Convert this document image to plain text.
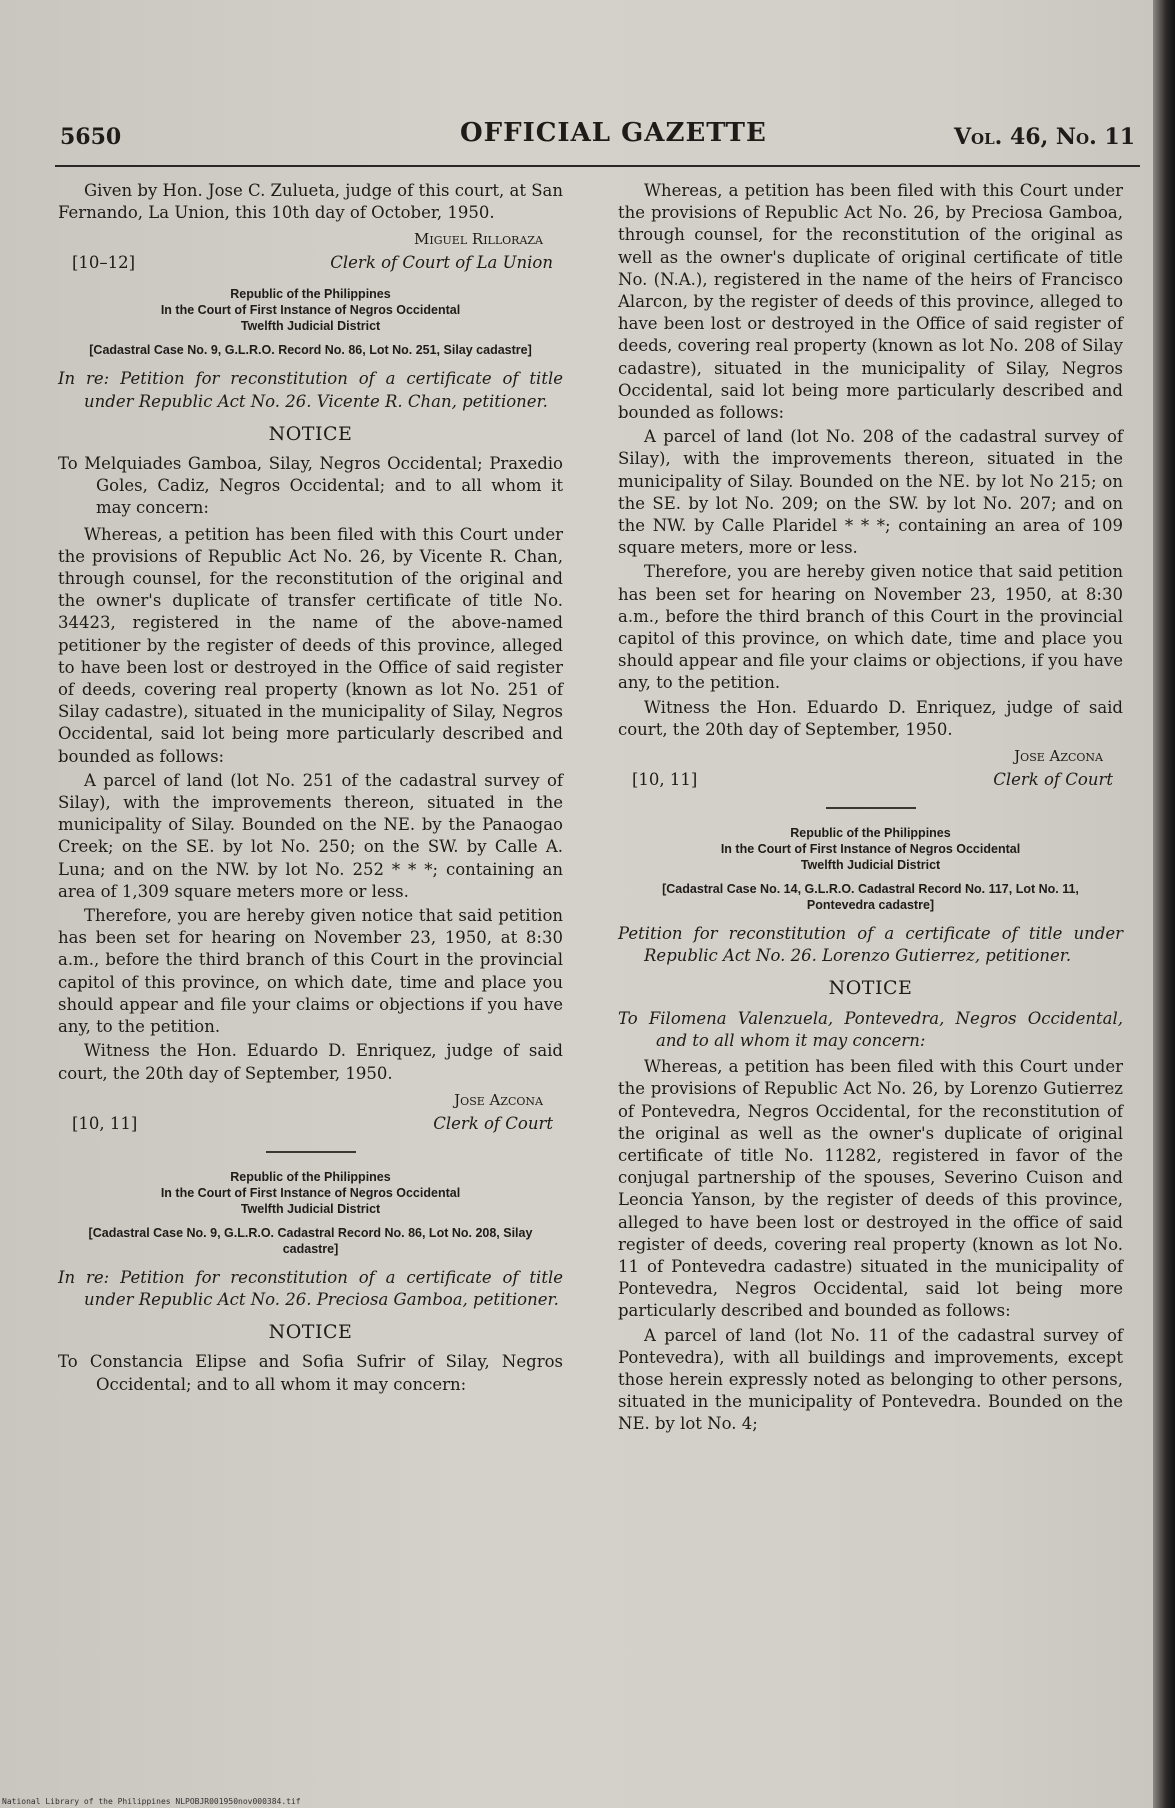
5650	OFFICIAL GAZETTE	Vol. 46, No. 11

Given by Hon. Jose C. Zulueta, judge of this court, at San Fernando, La Union, this 10th day of October, 1950.

Miguel Rilloraza
[10–12]	Clerk of Court of La Union
Republic of the Philippines
In the Court of First Instance of Negros Occidental
Twelfth Judicial District
[Cadastral Case No. 9, G.L.R.O. Record No. 86, Lot No. 251, Silay cadastre]

In re: Petition for reconstitution of a certificate of title under Republic Act No. 26. Vicente R. Chan, petitioner.

NOTICE

To Melquiades Gamboa, Silay, Negros Occidental; Praxedio Goles, Cadiz, Negros Occidental; and to all whom it may concern:

Whereas, a petition has been filed with this Court under the provisions of Republic Act No. 26, by Vicente R. Chan, through counsel, for the reconstitution of the original and the owner's duplicate of transfer certificate of title No. 34423, registered in the name of the above-named petitioner by the register of deeds of this province, alleged to have been lost or destroyed in the Office of said register of deeds, covering real property (known as lot No. 251 of Silay cadastre), situated in the municipality of Silay, Negros Occidental, said lot being more particularly described and bounded as follows:

A parcel of land (lot No. 251 of the cadastral survey of Silay), with the improvements thereon, situated in the municipality of Silay. Bounded on the NE. by the Panaogao Creek; on the SE. by lot No. 250; on the SW. by Calle A. Luna; and on the NW. by lot No. 252 * * *; containing an area of 1,309 square meters more or less.

Therefore, you are hereby given notice that said petition has been set for hearing on November 23, 1950, at 8:30 a.m., before the third branch of this Court in the provincial capitol of this province, on which date, time and place you should appear and file your claims or objections if you have any, to the petition.

Witness the Hon. Eduardo D. Enriquez, judge of said court, the 20th day of September, 1950.

Jose Azcona
[10, 11]	Clerk of Court
Republic of the Philippines
In the Court of First Instance of Negros Occidental
Twelfth Judicial District
[Cadastral Case No. 9, G.L.R.O. Cadastral Record No. 86, Lot No. 208, Silay cadastre]

In re: Petition for reconstitution of a certificate of title under Republic Act No. 26. Preciosa Gamboa, petitioner.

NOTICE

To Constancia Elipse and Sofia Sufrir of Silay, Negros Occidental; and to all whom it may concern:

Whereas, a petition has been filed with this Court under the provisions of Republic Act No. 26, by Preciosa Gamboa, through counsel, for the reconstitution of the original as well as the owner's duplicate of original certificate of title No. (N.A.), registered in the name of the heirs of Francisco Alarcon, by the register of deeds of this province, alleged to have been lost or destroyed in the Office of said register of deeds, covering real property (known as lot No. 208 of Silay cadastre), situated in the municipality of Silay, Negros Occidental, said lot being more particularly described and bounded as follows:

A parcel of land (lot No. 208 of the cadastral survey of Silay), with the improvements thereon, situated in the municipality of Silay. Bounded on the NE. by lot No 215; on the SE. by lot No. 209; on the SW. by lot No. 207; and on the NW. by Calle Plaridel * * *; containing an area of 109 square meters, more or less.

Therefore, you are hereby given notice that said petition has been set for hearing on November 23, 1950, at 8:30 a.m., before the third branch of this Court in the provincial capitol of this province, on which date, time and place you should appear and file your claims or objections, if you have any, to the petition.

Witness the Hon. Eduardo D. Enriquez, judge of said court, the 20th day of September, 1950.

Jose Azcona
[10, 11]	Clerk of Court
Republic of the Philippines
In the Court of First Instance of Negros Occidental
Twelfth Judicial District
[Cadastral Case No. 14, G.L.R.O. Cadastral Record No. 117, Lot No. 11, Pontevedra cadastre]

Petition for reconstitution of a certificate of title under Republic Act No. 26. Lorenzo Gutierrez, petitioner.

NOTICE

To Filomena Valenzuela, Pontevedra, Negros Occidental, and to all whom it may concern:

Whereas, a petition has been filed with this Court under the provisions of Republic Act No. 26, by Lorenzo Gutierrez of Pontevedra, Negros Occidental, for the reconstitution of the original as well as the owner's duplicate of original certificate of title No. 11282, registered in favor of the conjugal partnership of the spouses, Severino Cuison and Leoncia Yanson, by the register of deeds of this province, alleged to have been lost or destroyed in the office of said register of deeds, covering real property (known as lot No. 11 of Pontevedra cadastre) situated in the municipality of Pontevedra, Negros Occidental, said lot being more particularly described and bounded as follows:

A parcel of land (lot No. 11 of the cadastral survey of Pontevedra), with all buildings and improvements, except those herein expressly noted as belonging to other persons, situated in the municipality of Pontevedra. Bounded on the NE. by lot No. 4;

National Library of the Philippines NLPOBJR001950nov000384.tif
